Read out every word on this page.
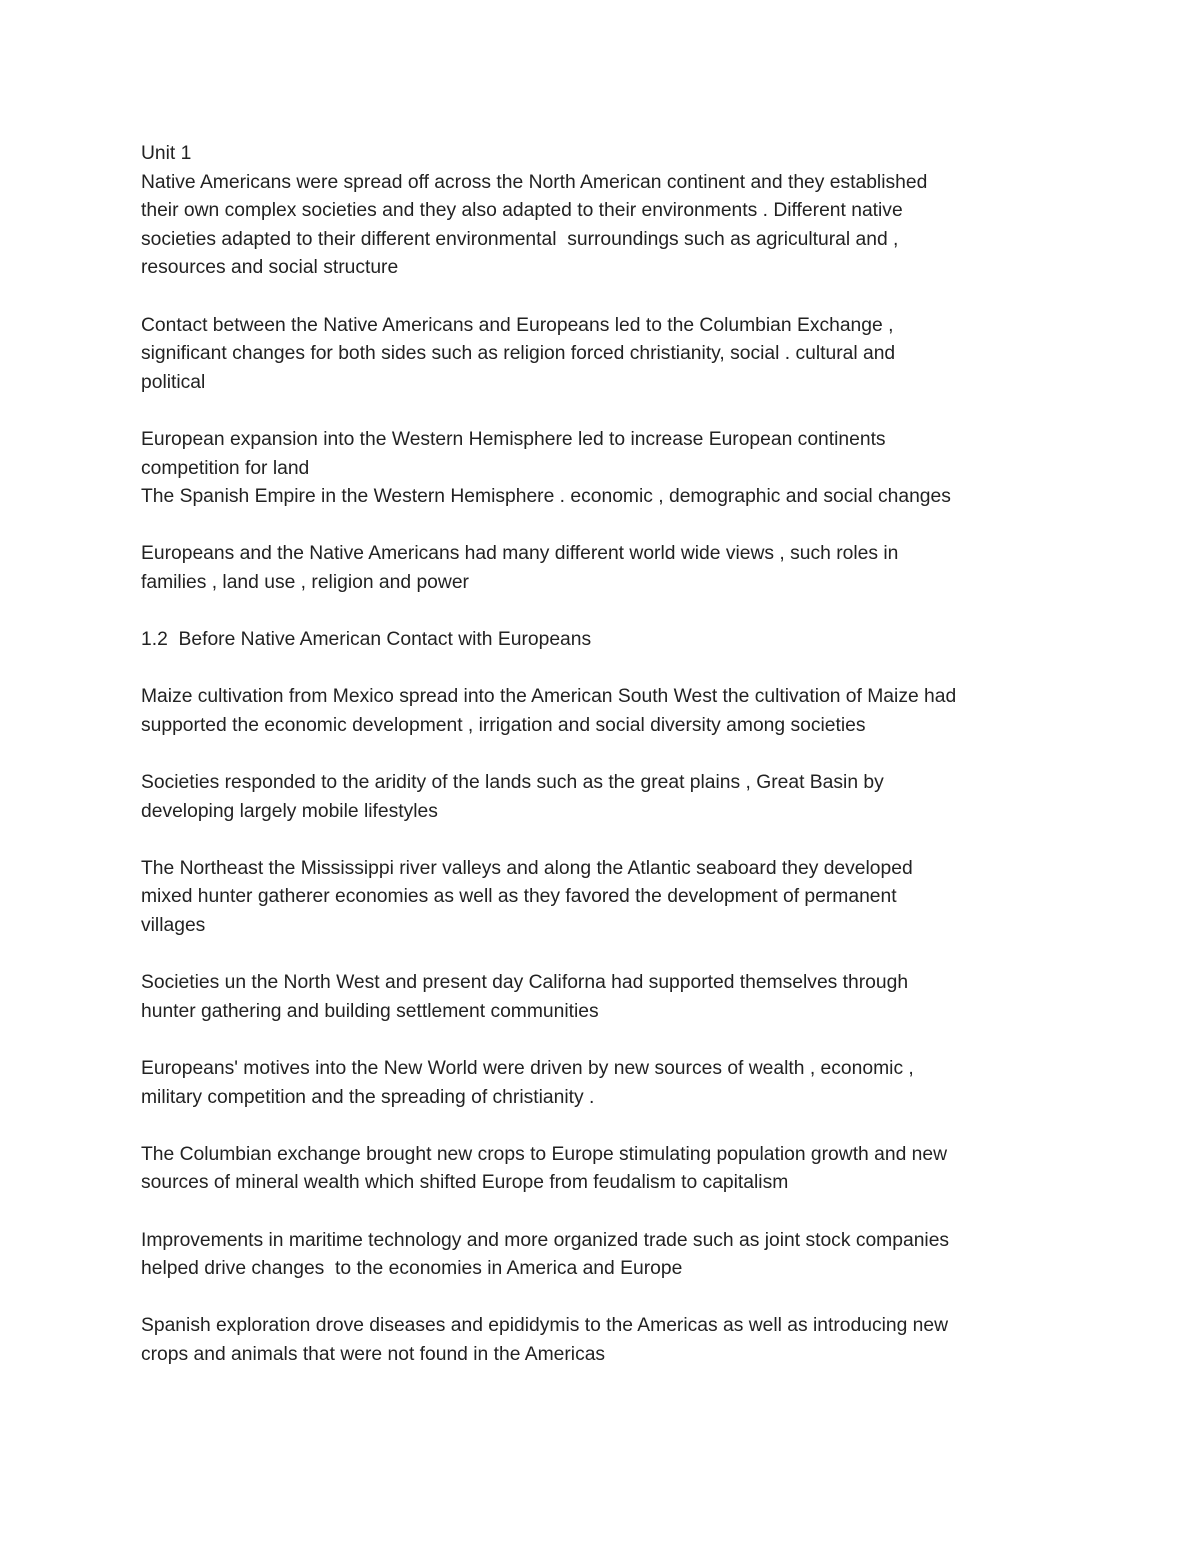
Unit 1
Native Americans were spread off across the North American continent and they established
their own complex societies and they also adapted to their environments . Different native
societies adapted to their different environmental  surroundings such as agricultural and ,
resources and social structure
Contact between the Native Americans and Europeans led to the Columbian Exchange ,
significant changes for both sides such as religion forced christianity, social . cultural and
political
European expansion into the Western Hemisphere led to increase European continents
competition for land
The Spanish Empire in the Western Hemisphere . economic , demographic and social changes
Europeans and the Native Americans had many different world wide views , such roles in
families , land use , religion and power
1.2  Before Native American Contact with Europeans
Maize cultivation from Mexico spread into the American South West the cultivation of Maize had
supported the economic development , irrigation and social diversity among societies
Societies responded to the aridity of the lands such as the great plains , Great Basin by
developing largely mobile lifestyles
The Northeast the Mississippi river valleys and along the Atlantic seaboard they developed
mixed hunter gatherer economies as well as they favored the development of permanent
villages
Societies un the North West and present day Californa had supported themselves through
hunter gathering and building settlement communities
Europeans' motives into the New World were driven by new sources of wealth , economic ,
military competition and the spreading of christianity .
The Columbian exchange brought new crops to Europe stimulating population growth and new
sources of mineral wealth which shifted Europe from feudalism to capitalism
Improvements in maritime technology and more organized trade such as joint stock companies
helped drive changes  to the economies in America and Europe
Spanish exploration drove diseases and epididymis to the Americas as well as introducing new
crops and animals that were not found in the Americas
